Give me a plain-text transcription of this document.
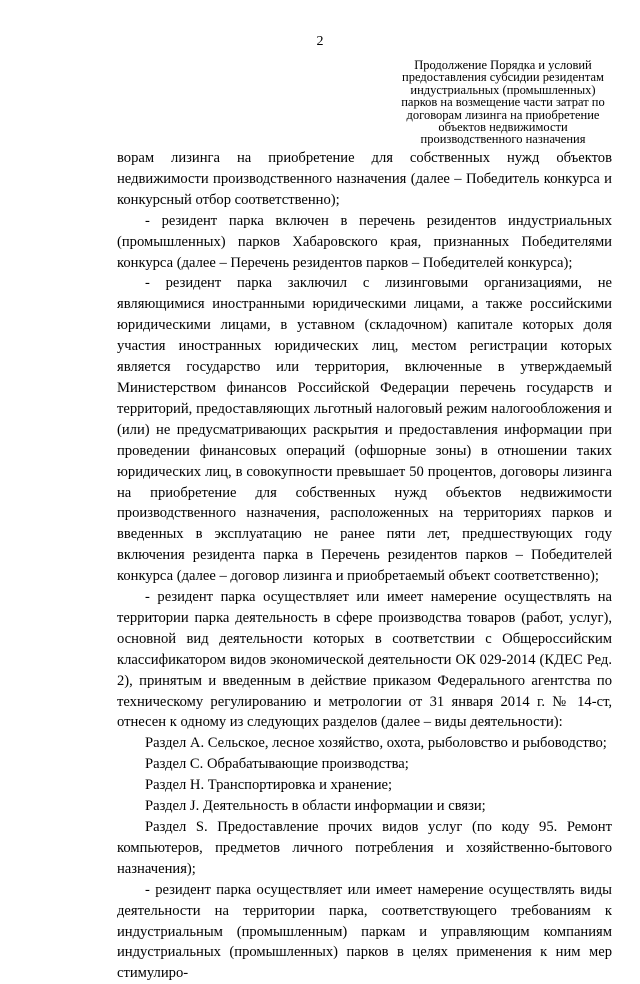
2
Продолжение Порядка и условий
предоставления субсидии резидентам
индустриальных (промышленных)
парков на возмещение части затрат по
договорам лизинга на приобретение
объектов недвижимости
производственного назначения

ворам лизинга на приобретение для собственных нужд объектов недвижимости производственного назначения (далее – Победитель конкурса и конкурсный отбор соответственно);

- резидент парка включен в перечень резидентов индустриальных (промышленных) парков Хабаровского края, признанных Победителями конкурса (далее – Перечень резидентов парков – Победителей конкурса);

- резидент парка заключил с лизинговыми организациями, не являющимися иностранными юридическими лицами, а также российскими юридическими лицами, в уставном (складочном) капитале которых доля участия иностранных юридических лиц, местом регистрации которых является государство или территория, включенные в утверждаемый Министерством финансов Российской Федерации перечень государств и территорий, предоставляющих льготный налоговый режим налогообложения и (или) не предусматривающих раскрытия и предоставления информации при проведении финансовых операций (офшорные зоны) в отношении таких юридических лиц, в совокупности превышает 50 процентов, договоры лизинга на приобретение для собственных нужд объектов недвижимости производственного назначения, расположенных на территориях парков и введенных в эксплуатацию не ранее пяти лет, предшествующих году включения резидента парка в Перечень резидентов парков – Победителей конкурса (далее – договор лизинга и приобретаемый объект соответственно);

- резидент парка осуществляет или имеет намерение осуществлять на территории парка деятельность в сфере производства товаров (работ, услуг), основной вид деятельности которых в соответствии с Общероссийским классификатором видов экономической деятельности ОК 029-2014 (КДЕС Ред. 2), принятым и введенным в действие приказом Федерального агентства по техническому регулированию и метрологии от 31 января 2014 г. № 14-ст, отнесен к одному из следующих разделов (далее – виды деятельности):

Раздел А. Сельское, лесное хозяйство, охота, рыболовство и рыбоводство;

Раздел С. Обрабатывающие производства;

Раздел Н. Транспортировка и хранение;

Раздел J. Деятельность в области информации и связи;

Раздел S. Предоставление прочих видов услуг (по коду 95. Ремонт компьютеров, предметов личного потребления и хозяйственно-бытового назначения);

- резидент парка осуществляет или имеет намерение осуществлять виды деятельности на территории парка, соответствующего требованиям к индустриальным (промышленным) паркам и управляющим компаниям индустриальных (промышленных) парков в целях применения к ним мер стимулиро-
